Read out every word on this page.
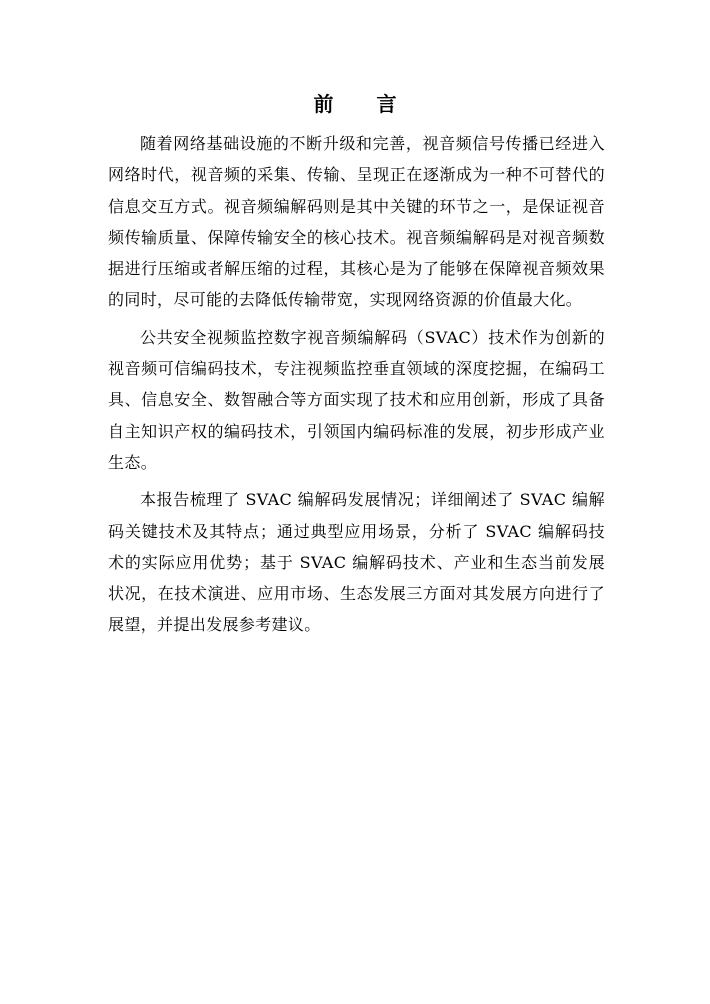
前 言

随着网络基础设施的不断升级和完善，视音频信号传播已经进入网络时代，视音频的采集、传输、呈现正在逐渐成为一种不可替代的信息交互方式。视音频编解码则是其中关键的环节之一，是保证视音频传输质量、保障传输安全的核心技术。视音频编解码是对视音频数据进行压缩或者解压缩的过程，其核心是为了能够在保障视音频效果的同时，尽可能的去降低传输带宽，实现网络资源的价值最大化。

公共安全视频监控数字视音频编解码（SVAC）技术作为创新的视音频可信编码技术，专注视频监控垂直领域的深度挖掘，在编码工具、信息安全、数智融合等方面实现了技术和应用创新，形成了具备自主知识产权的编码技术，引领国内编码标准的发展，初步形成产业生态。

本报告梳理了 SVAC 编解码发展情况；详细阐述了 SVAC 编解码关键技术及其特点；通过典型应用场景，分析了 SVAC 编解码技术的实际应用优势；基于 SVAC 编解码技术、产业和生态当前发展状况，在技术演进、应用市场、生态发展三方面对其发展方向进行了展望，并提出发展参考建议。
